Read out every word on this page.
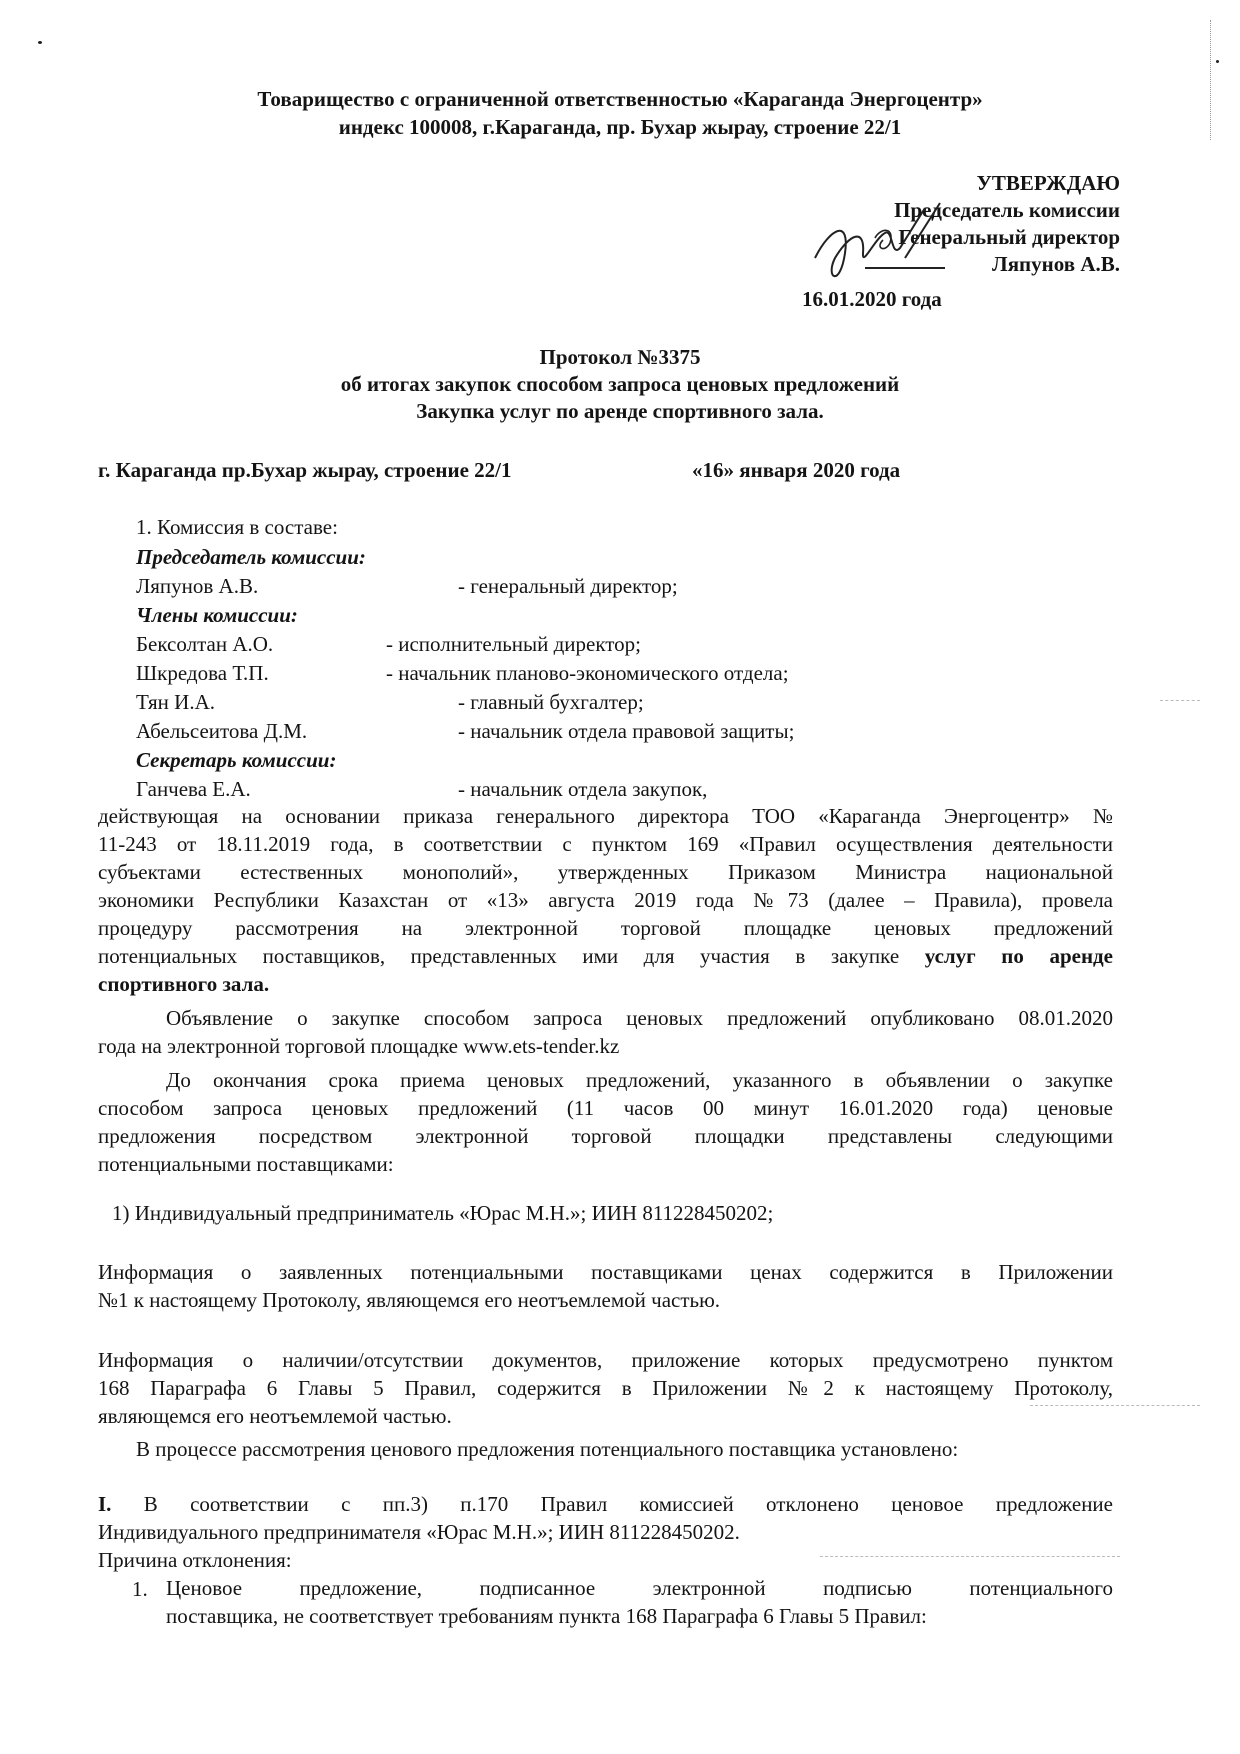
Товарищество с ограниченной ответственностью «Караганда Энергоцентр»
индекс 100008, г.Караганда, пр. Бухар жырау, строение 22/1
УТВЕРЖДАЮ
Председатель комиссии
Генеральный директор
Ляпунов А.В.
16.01.2020 года
Протокол №3375
об итогах закупок способом запроса ценовых предложений
Закупка услуг по аренде спортивного зала.
г. Караганда пр.Бухар жырау, строение 22/1	«16» января 2020 года
1. Комиссия в составе:
Председатель комиссии:
Ляпунов А.В.	- генеральный директор;
Члены комиссии:
Бексолтан А.О.	- исполнительный директор;
Шкредова Т.П.	- начальник планово-экономического отдела;
Тян И.А.	- главный бухгалтер;
Абельсеитова Д.М.	- начальник отдела правовой защиты;
Секретарь комиссии:
Ганчева Е.А.	- начальник отдела закупок,
действующая на основании приказа генерального директора ТОО «Караганда Энергоцентр» №
11-243 от 18.11.2019 года, в соответствии с пунктом 169 «Правил осуществления деятельности
субъектами естественных монополий», утвержденных Приказом Министра национальной
экономики Республики Казахстан от «13» августа 2019 года №73 (далее – Правила), провела
процедуру рассмотрения на электронной торговой площадке ценовых предложений
потенциальных поставщиков, представленных ими для участия в закупке услуг по аренде
спортивного зала.
Объявление о закупке способом запроса ценовых предложений опубликовано 08.01.2020
года на электронной торговой площадке www.ets-tender.kz
До окончания срока приема ценовых предложений, указанного в объявлении о закупке
способом запроса ценовых предложений (11 часов 00 минут 16.01.2020 года) ценовые
предложения посредством электронной торговой площадки представлены следующими
потенциальными поставщиками:
1) Индивидуальный предприниматель «Юрас М.Н.»; ИИН 811228450202;
Информация о заявленных потенциальными поставщиками ценах содержится в Приложении
№1 к настоящему Протоколу, являющемся его неотъемлемой частью.
Информация о наличии/отсутствии документов, приложение которых предусмотрено пунктом
168 Параграфа 6 Главы 5 Правил, содержится в Приложении №2 к настоящему Протоколу,
являющемся его неотъемлемой частью.
В процессе рассмотрения ценового предложения потенциального поставщика установлено:
I. В соответствии с пп.3) п.170 Правил комиссией отклонено ценовое предложение
Индивидуального предпринимателя «Юрас М.Н.»; ИИН 811228450202.
Причина отклонения:
1. Ценовое предложение, подписанное электронной подписью потенциального
поставщика, не соответствует требованиям пункта 168 Параграфа 6 Главы 5 Правил:
